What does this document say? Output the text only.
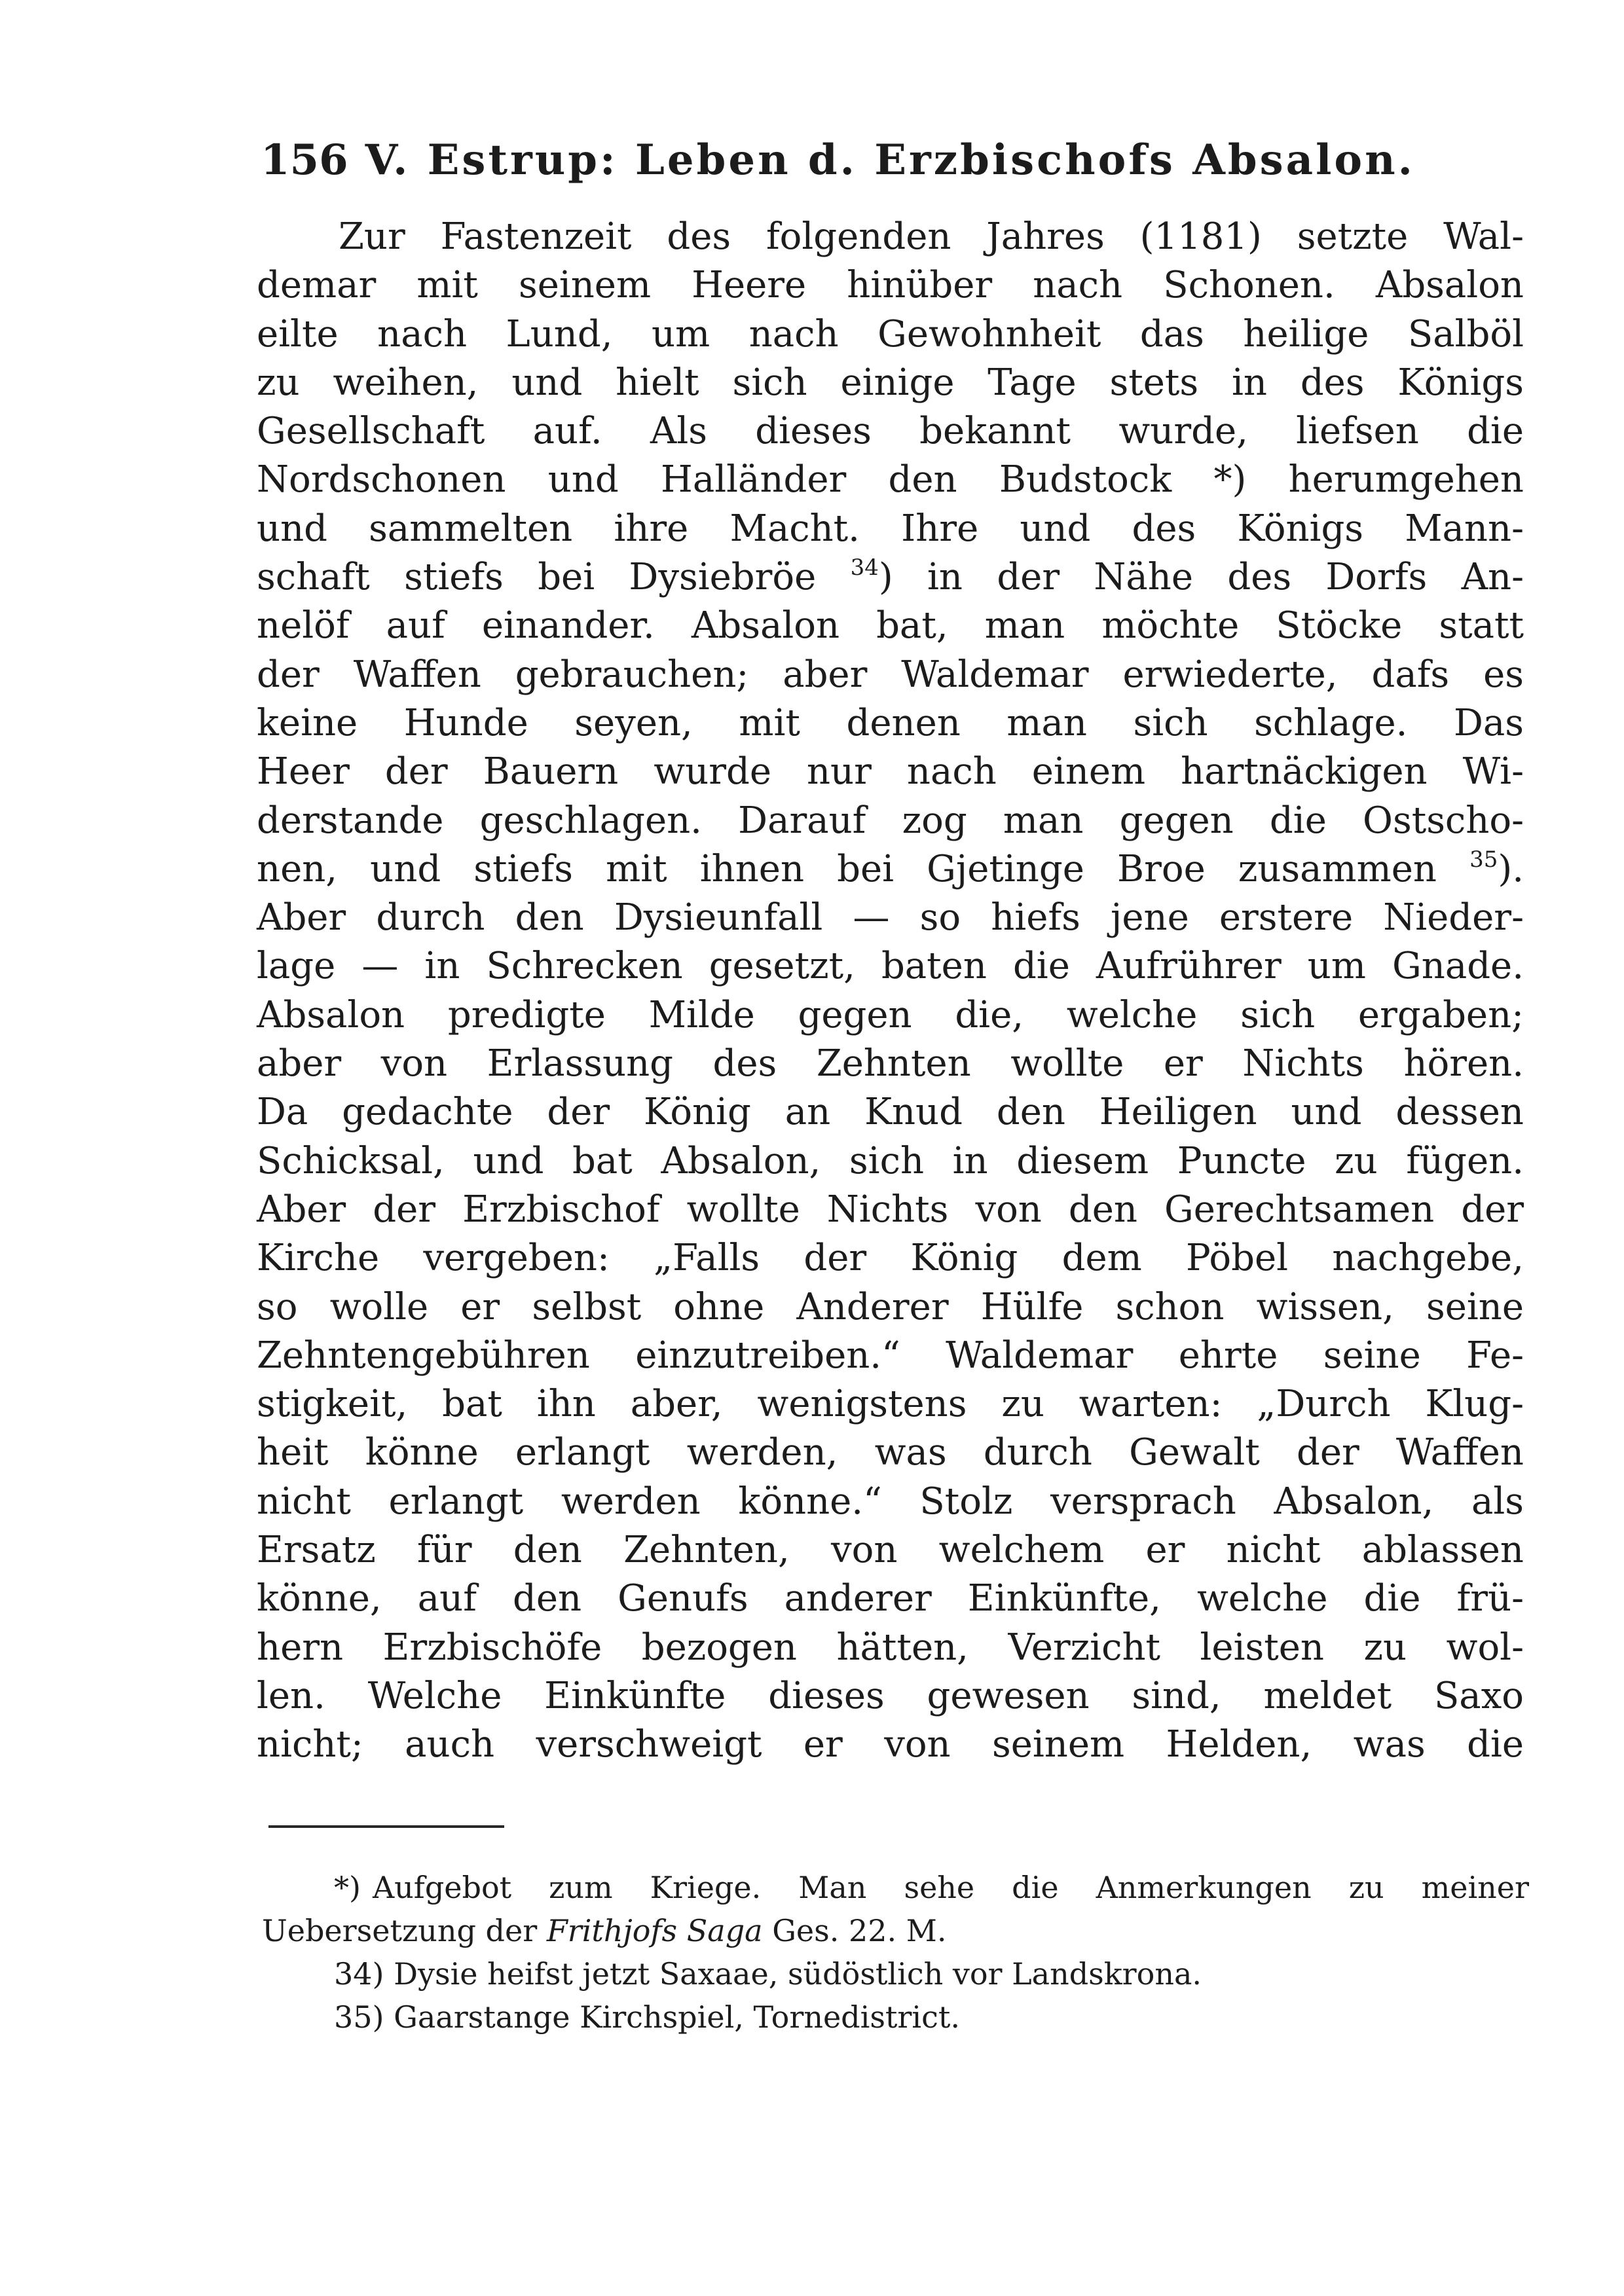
156 V. Estrup: Leben d. Erzbischofs Absalon.
Zur Fastenzeit des folgenden Jahres (1181) setzte Wal-
demar mit seinem Heere hinüber nach Schonen. Absalon
eilte nach Lund, um nach Gewohnheit das heilige Salböl
zu weihen, und hielt sich einige Tage stets in des Königs
Gesellschaft auf. Als dieses bekannt wurde, liefsen die
Nordschonen und Halländer den Budstock *) herumgehen
und sammelten ihre Macht. Ihre und des Königs Mann-
schaft stiefs bei Dysiebröe $^{34}$) in der Nähe des Dorfs An-
nelöf auf einander. Absalon bat, man möchte Stöcke statt
der Waffen gebrauchen; aber Waldemar erwiederte, dafs es
keine Hunde seyen, mit denen man sich schlage. Das
Heer der Bauern wurde nur nach einem hartnäckigen Wi-
derstande geschlagen. Darauf zog man gegen die Ostscho-
nen, und stiefs mit ihnen bei Gjetinge Broe zusammen $^{35}$).
Aber durch den Dysieunfall — so hiefs jene erstere Nieder-
lage — in Schrecken gesetzt, baten die Aufrührer um Gnade.
Absalon predigte Milde gegen die, welche sich ergaben;
aber von Erlassung des Zehnten wollte er Nichts hören.
Da gedachte der König an Knud den Heiligen und dessen
Schicksal, und bat Absalon, sich in diesem Puncte zu fügen.
Aber der Erzbischof wollte Nichts von den Gerechtsamen der
Kirche vergeben: „Falls der König dem Pöbel nachgebe,
so wolle er selbst ohne Anderer Hülfe schon wissen, seine
Zehntengebühren einzutreiben.“ Waldemar ehrte seine Fe-
stigkeit, bat ihn aber, wenigstens zu warten: „Durch Klug-
heit könne erlangt werden, was durch Gewalt der Waffen
nicht erlangt werden könne.“ Stolz versprach Absalon, als
Ersatz für den Zehnten, von welchem er nicht ablassen
könne, auf den Genufs anderer Einkünfte, welche die frü-
hern Erzbischöfe bezogen hätten, Verzicht leisten zu wol-
len. Welche Einkünfte dieses gewesen sind, meldet Saxo
nicht; auch verschweigt er von seinem Helden, was die
*) Aufgebot zum Kriege. Man sehe die Anmerkungen zu meiner
Uebersetzung der Frithjofs Saga Ges. 22. M.
34) Dysie heifst jetzt Saxaae, südöstlich vor Landskrona.
35) Gaarstange Kirchspiel, Tornedistrict.
